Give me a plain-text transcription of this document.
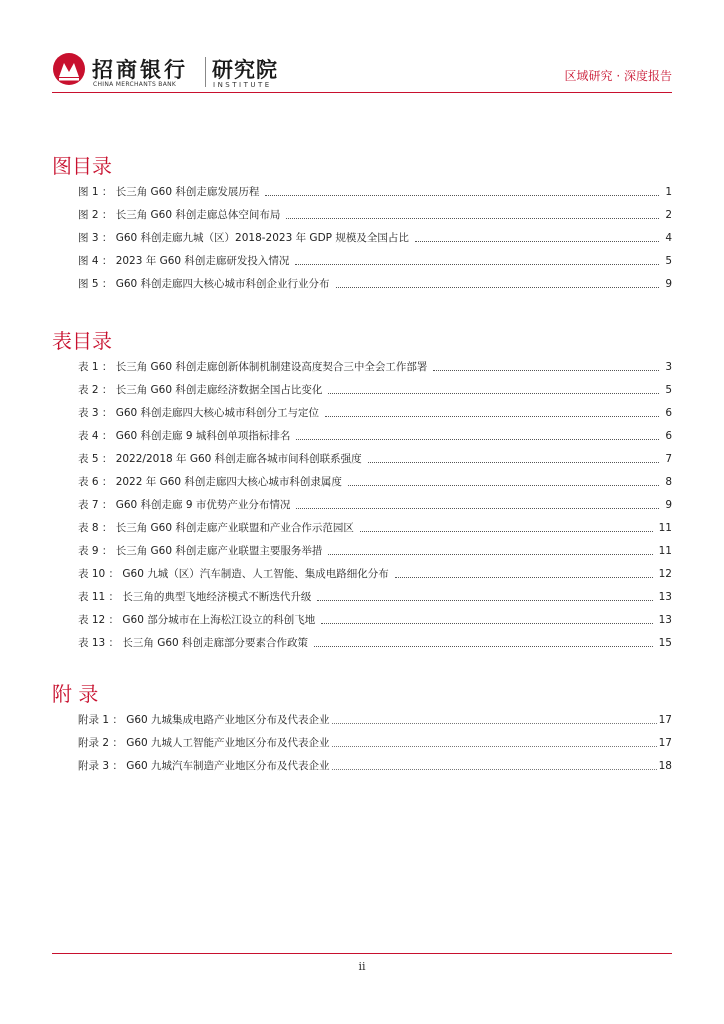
招商银行
CHINA MERCHANTS BANK
研究院
INSTITUTE
区域研究 · 深度报告
图目录
图 1 ： 长三角 G60 科创走廊发展历程	1
图 2 ： 长三角 G60 科创走廊总体空间布局	2
图 3 ： G60 科创走廊九城（区）2018-2023 年 GDP 规模及全国占比	4
图 4 ： 2023 年 G60 科创走廊研发投入情况	5
图 5 ： G60 科创走廊四大核心城市科创企业行业分布	9
表目录
表 1 ： 长三角 G60 科创走廊创新体制机制建设高度契合三中全会工作部署	3
表 2 ： 长三角 G60 科创走廊经济数据全国占比变化	5
表 3 ： G60 科创走廊四大核心城市科创分工与定位	6
表 4 ： G60 科创走廊 9 城科创单项指标排名	6
表 5 ： 2022/2018 年 G60 科创走廊各城市间科创联系强度	7
表 6 ： 2022 年 G60 科创走廊四大核心城市科创隶属度	8
表 7 ： G60 科创走廊 9 市优势产业分布情况	9
表 8 ： 长三角 G60 科创走廊产业联盟和产业合作示范园区	11
表 9 ： 长三角 G60 科创走廊产业联盟主要服务举措	11
表 10 ： G60 九城（区）汽车制造、人工智能、集成电路细化分布	12
表 11 ： 长三角的典型飞地经济模式不断迭代升级	13
表 12 ： G60 部分城市在上海松江设立的科创飞地	13
表 13 ： 长三角 G60 科创走廊部分要素合作政策	15
附 录
附录 1 ： G60 九城集成电路产业地区分布及代表企业	17
附录 2 ： G60 九城人工智能产业地区分布及代表企业	17
附录 3 ： G60 九城汽车制造产业地区分布及代表企业	18
ii
